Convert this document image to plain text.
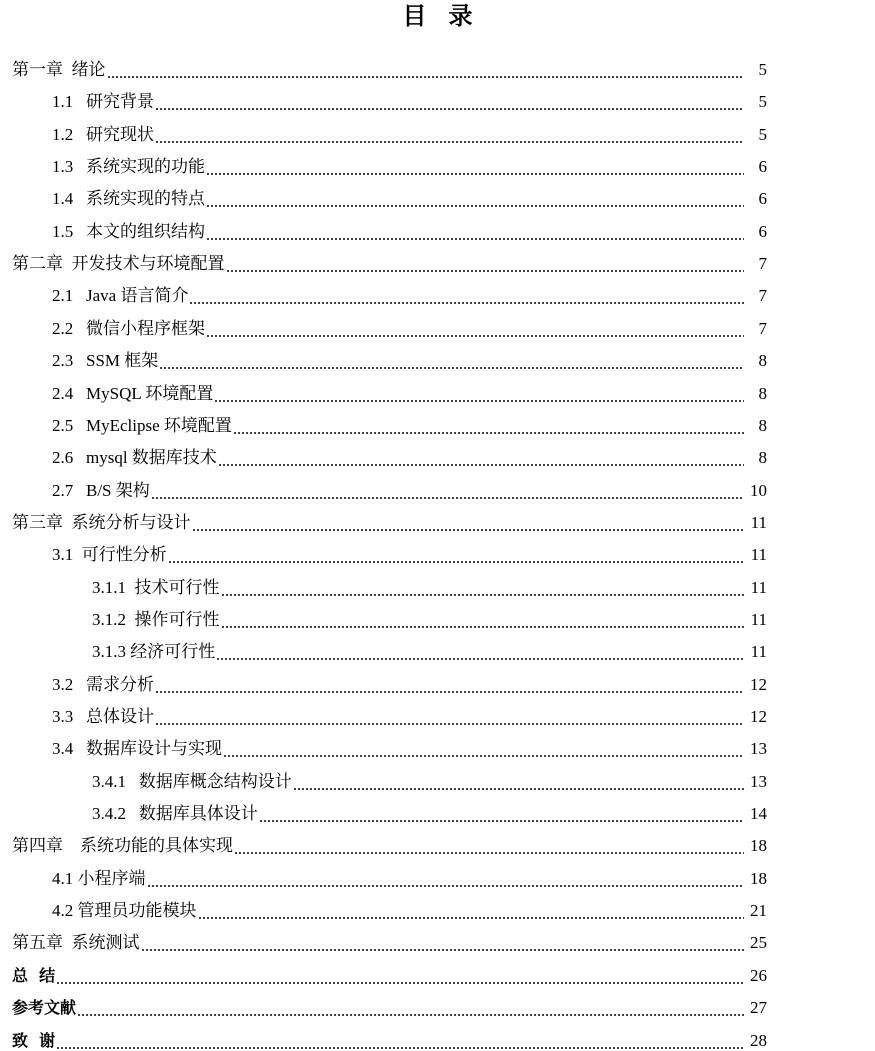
目 录
第一章  绪论	5
1.1   研究背景	5
1.2   研究现状	5
1.3   系统实现的功能	6
1.4   系统实现的特点	6
1.5   本文的组织结构	6
第二章  开发技术与环境配置	7
2.1   Java 语言简介	7
2.2   微信小程序框架	7
2.3   SSM 框架	8
2.4   MySQL 环境配置	8
2.5   MyEclipse 环境配置	8
2.6   mysql 数据库技术	8
2.7   B/S 架构	10
第三章  系统分析与设计	11
3.1  可行性分析	11
3.1.1  技术可行性	11
3.1.2  操作可行性	11
3.1.3 经济可行性	11
3.2   需求分析	12
3.3   总体设计	12
3.4   数据库设计与实现	13
3.4.1   数据库概念结构设计	13
3.4.2   数据库具体设计	14
第四章    系统功能的具体实现	18
4.1 小程序端	18
4.2 管理员功能模块	21
第五章  系统测试	25
总  结	26
参考文献	27
致  谢	28
